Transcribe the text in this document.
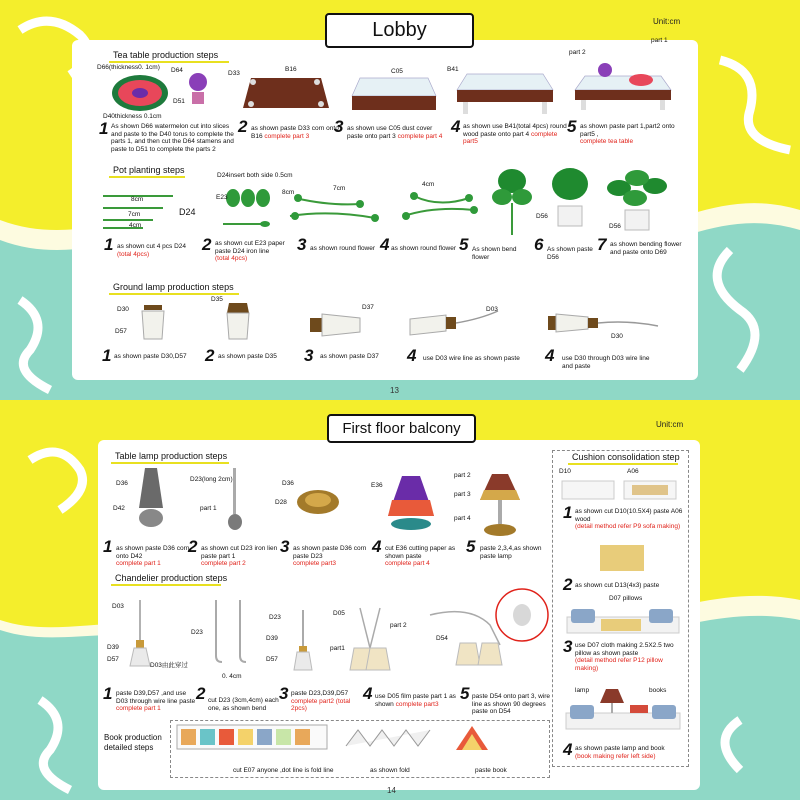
Lobby	Unit:cm
13
Tea table production steps
D66(thickness0. 1cm) D64
D51
D40thickness 0.1cm
D33
B16	C05	B41
part 2
part 1
1 As shown D66 watermelon cut into slices and paste to the D40 torus to complete the parts 1, and then cut the D64 stamens and paste to D51 to complete the parts 2
2 as shown paste D33 corn onto B16 complete part 3	3 as shown use C05 dust cover paste onto part 3 complete part 4 4 as shown use B41(total 4pcs) round wood paste onto part 4 complete part5
5 as shown paste part 1,part2 onto part5 ,
complete tea table
Pot planting steps
8cm
7cm
4cm
D24
D24insert both side 0.5cm
E23
8cm
7cm
4cm
D56
D56
1 as shown cut 4 pcs D24
(total 4pcs)	2 as shown cut E23 paper paste D24 iron line
(total 4pcs)
3 as shown round flower 4 as shown round flower 5 As shown bend flower
6 As shown paste D56
7 as shown bending flower and paste onto D69
Ground lamp production steps
D30
D57
D35
D37	D03
D30
1 as shown paste D30,D57	2 as shown paste D35	3 as shown paste D37	4 use D03 wire line as shown paste	4 use D30 through D03 wire line and paste
First floor balcony	Unit:cm
14
Table lamp production steps
D36
D42
D23(long 2cm)
part 1
D36
D28
E36
part 2
part 3
part 4
1 as shown paste D36 corn onto D42
complete part 1
2 as shown cut D23 iron lien paste part 1
complete part 2
3 as shown paste D36 corn paste D23
complete part3
4 cut E36 cutting paper as shown paste
complete part 4
5 paste 2,3,4,as shown paste lamp
Chandelier production steps
D03
D39
D57
D03由此穿过
D23
0. 4cm
D23
D39
D57
D05
part 2
part1
D54
1 paste D39,D57 ,and use D03 through wire line paste
complete part 1
2 cut D23 (3cm,4cm) each one, as shown bend
3 paste D23,D39,D57
complete part2 (total 2pcs)
4 use D05 film paste part 1 as shown complete part3
5 paste D54 onto part 3, wire line as shown 90 degrees paste on D54
Cushion consolidation step
D10	A06
1 as shown cut D10(10.5X4) paste A06 wood
(detail method refer P9 sofa making)
2 as shown cut D13(4x3) paste
D07 pillows
3 use D07 cloth making 2.5X2.5 two pillow as shown paste
(detail method refer P12 pillow making)
lamp	books
4 as shown paste lamp and book
(book making refer left side)
Book production detailed steps
cut E07 anyone ,dot line is fold line	as shown fold	paste book
